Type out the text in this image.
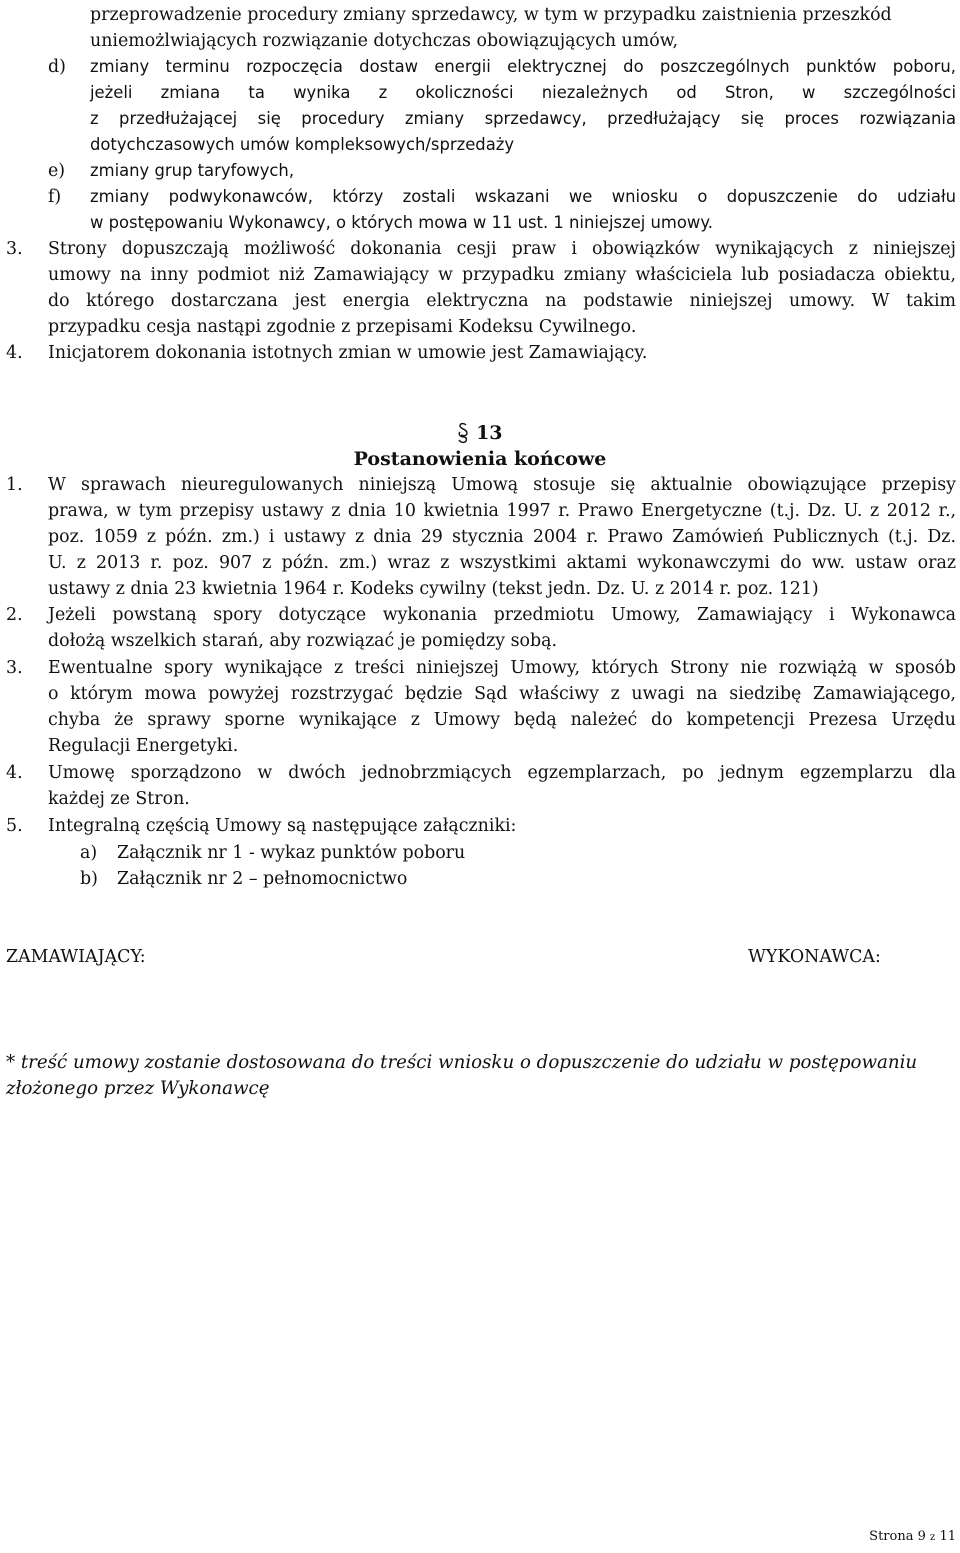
przeprowadzenie procedury zmiany sprzedawcy, w tym w przypadku zaistnienia przeszkód
uniemożlwiających rozwiązanie dotychczas obowiązujących umów,
d) zmiany terminu rozpoczęcia dostaw energii elektrycznej do poszczególnych punktów poboru,
jeżeli zmiana ta wynika z okoliczności niezależnych od Stron, w szczególności
z przedłużającej się procedury zmiany sprzedawcy, przedłużający się proces rozwiązania
dotychczasowych umów kompleksowych/sprzedaży
e) zmiany grup taryfowych,
f) zmiany podwykonawców, którzy zostali wskazani we wniosku o dopuszczenie do udziału
w postępowaniu Wykonawcy, o których mowa w 11 ust. 1 niniejszej umowy.
3. Strony dopuszczają możliwość dokonania cesji praw i obowiązków wynikających z niniejszej
umowy na inny podmiot niż Zamawiający w przypadku zmiany właściciela lub posiadacza obiektu,
do którego dostarczana jest energia elektryczna na podstawie niniejszej umowy. W takim
przypadku cesja nastąpi zgodnie z przepisami Kodeksu Cywilnego.
4. Inicjatorem dokonania istotnych zmian w umowie jest Zamawiający.
13
Postanowienia końcowe
1. W sprawach nieuregulowanych niniejszą Umową stosuje się aktualnie obowiązujące przepisy
prawa, w tym przepisy ustawy z dnia 10 kwietnia 1997 r. Prawo Energetyczne (t.j. Dz. U. z 2012 r.,
poz. 1059 z późn. zm.) i ustawy z dnia 29 stycznia 2004 r. Prawo Zamówień Publicznych (t.j. Dz.
U. z 2013 r. poz. 907 z późn. zm.) wraz z wszystkimi aktami wykonawczymi do ww. ustaw oraz
ustawy z dnia 23 kwietnia 1964 r. Kodeks cywilny (tekst jedn. Dz. U. z 2014 r. poz. 121)
2. Jeżeli powstaną spory dotyczące wykonania przedmiotu Umowy, Zamawiający i Wykonawca
dołożą wszelkich starań, aby rozwiązać je pomiędzy sobą.
3. Ewentualne spory wynikające z treści niniejszej Umowy, których Strony nie rozwiążą w sposób
o którym mowa powyżej rozstrzygać będzie Sąd właściwy z uwagi na siedzibę Zamawiającego,
chyba że sprawy sporne wynikające z Umowy będą należeć do kompetencji Prezesa Urzędu
Regulacji Energetyki.
4. Umowę sporządzono w dwóch jednobrzmiących egzemplarzach, po jednym egzemplarzu dla
każdej ze Stron.
5. Integralną częścią Umowy są następujące załączniki:
a) Załącznik nr 1 - wykaz punktów poboru
b) Załącznik nr 2 – pełnomocnictwo
ZAMAWIAJĄCY:	WYKONAWCA:
* treść umowy zostanie dostosowana do treści wniosku o dopuszczenie do udziału w postępowaniu złożonego przez Wykonawcę
Strona 9 z 11
